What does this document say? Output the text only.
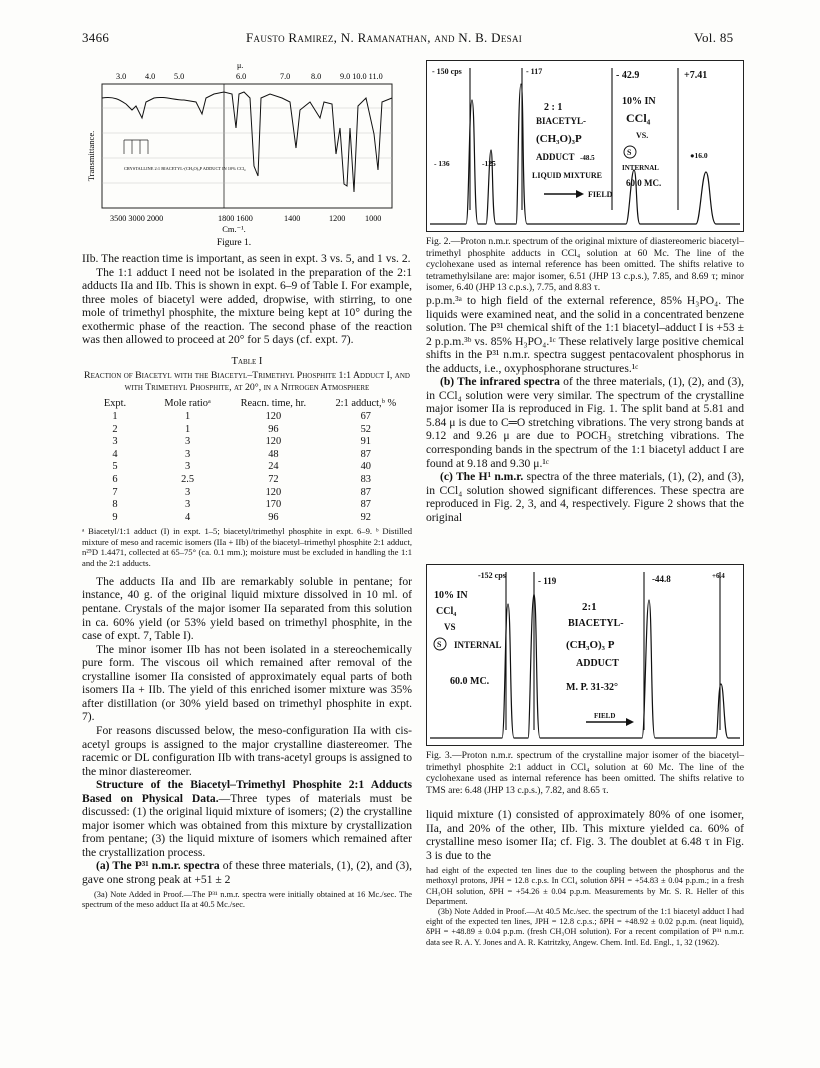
3466	Fausto Ramirez, N. Ramanathan, and N. B. Desai	Vol. 85
μ.
3.0 4.0 5.0	6.0	7.0	8.0 9.0 10.0 11.0
Transmittance.	CRYSTALLINE 2:1 BIACETYL-(CH₃O)₃P ADDUCT IN 10% CCl₄
3500 3000 2000	1800 1600	1400	1200 1000
Cm.⁻¹.
Figure 1.

IIb. The reaction time is important, as seen in expt. 3 vs. 5, and 1 vs. 2.

The 1:1 adduct I need not be isolated in the preparation of the 2:1 adducts IIa and IIb. This is shown in expt. 6–9 of Table I. For example, three moles of biacetyl were added, dropwise, with stirring, to one mole of trimethyl phosphite, the mixture being kept at 10° during the exothermic phase of the reaction. The second phase of the reaction was then allowed to proceed at 20° for 5 days (cf. expt. 7).

Table I
Reaction of Biacetyl with the Biacetyl–Trimethyl Phosphite 1:1 Adduct I, and with Trimethyl Phosphite, at 20°, in a Nitrogen Atmosphere
Expt.	Mole ratioᵃ	Reacn. time, hr.	2:1 adduct,ᵇ %
1	1	120	67
2	1	96	52
3	3	120	91
4	3	48	87
5	3	24	40
6	2.5	72	83
7	3	120	87
8	3	170	87
9	4	96	92
ᵃ Biacetyl/1:1 adduct (I) in expt. 1–5; biacetyl/trimethyl phosphite in expt. 6–9. ᵇ Distilled mixture of meso and racemic isomers (IIa + IIb) of the biacetyl–trimethyl phosphite 2:1 adduct, n²⁵D 1.4471, collected at 65–75° (ca. 0.1 mm.); moisture must be excluded in handling the 1:1 and the 2:1 adducts.

The adducts IIa and IIb are remarkably soluble in pentane; for instance, 40 g. of the original liquid mixture dissolved in 10 ml. of pentane. Crystals of the major isomer IIa separated from this solution in ca. 60% yield (or 53% yield based on trimethyl phosphite, in the case of expt. 7, Table I).

The minor isomer IIb has not been isolated in a stereochemically pure form. The viscous oil which remained after removal of the crystalline isomer IIa consisted of approximately equal parts of both isomers IIa + IIb. The yield of this enriched isomer mixture was 35% after distillation (or 30% yield based on trimethyl phosphite in expt. 7).

For reasons discussed below, the meso-configuration IIa with cis-acetyl groups is assigned to the major crystalline diastereomer. The racemic or DL configuration IIb with trans-acetyl groups is assigned to the minor diastereomer.

Structure of the Biacetyl–Trimethyl Phosphite 2:1 Adducts Based on Physical Data.—Three types of materials must be discussed: (1) the original liquid mixture of isomers; (2) the crystalline major isomer which was obtained from this mixture by crystallization from pentane; (3) the liquid mixture of isomers which remained after the crystallization process.

(a) The P³¹ n.m.r. spectra of these three materials, (1), (2), and (3), gave one strong peak at +51 ± 2

(3a) Note Added in Proof.—The P³¹ n.m.r. spectra were initially obtained at 16 Mc./sec. The spectrum of the meso adduct IIa at 40.5 Mc./sec.

- 150 cps	- 117	- 42.9	+7.41
10% IN
CCl₄
VS.
2 : 1
BIACETYL-
(CH₃O)₃P
ADDUCT -48.5
- 136	-125
S
INTERNAL
●16.0
LIQUID MIXTURE
60.0 MC.
FIELD
Fig. 2.—Proton n.m.r. spectrum of the original mixture of diastereomeric biacetyl–trimethyl phosphite adducts in CCl₄ solution at 60 Mc. The line of the cyclohexane used as internal reference has been omitted. The shifts relative to tetramethylsilane are: major isomer, 6.51 (JHP 13 c.p.s.), 7.85, and 8.69 τ; minor isomer, 6.40 (JHP 13 c.p.s.), 7.75, and 8.83 τ.

p.p.m.³ᵃ to high field of the external reference, 85% H₃PO₄. The liquids were examined neat, and the solid in a concentrated benzene solution. The P³¹ chemical shift of the 1:1 biacetyl–adduct I is +53 ± 2 p.p.m.³ᵇ vs. 85% H₃PO₄.¹ᶜ These relatively large positive chemical shifts in the P³¹ n.m.r. spectra suggest pentacovalent phosphorus in the adducts, i.e., oxyphosphorane structures.¹ᶜ

(b) The infrared spectra of the three materials, (1), (2), and (3), in CCl₄ solution were very similar. The spectrum of the crystalline major isomer IIa is reproduced in Fig. 1. The split band at 5.81 and 5.84 μ is due to C═O stretching vibrations. The very strong bands at 9.12 and 9.26 μ are due to POCH₃ stretching vibrations. The corresponding bands in the spectrum of the 1:1 biacetyl adduct I are found at 9.18 and 9.30 μ.¹ᶜ

(c) The H¹ n.m.r. spectra of the three materials, (1), (2), and (3), in CCl₄ solution showed significant differences. These spectra are reproduced in Fig. 2, 3, and 4, respectively. Figure 2 shows that the original

-152 cps
- 119	-44.8	+6.4
10% IN
CCl₄
VS
2:1
BIACETYL-
(CH₃O)₃ P
S INTERNAL
ADDUCT
60.0 MC.
M. P. 31-32°
FIELD
Fig. 3.—Proton n.m.r. spectrum of the crystalline major isomer of the biacetyl–trimethyl phosphite 2:1 adduct in CCl₄ solution at 60 Mc. The line of the cyclohexane used as internal reference has been omitted. The shifts relative to TMS are: 6.48 (JHP 13 c.p.s.), 7.82, and 8.65 τ.

liquid mixture (1) consisted of approximately 80% of one isomer, IIa, and 20% of the other, IIb. This mixture yielded ca. 60% of crystalline meso isomer IIa; cf. Fig. 3. The doublet at 6.48 τ in Fig. 3 is due to the

had eight of the expected ten lines due to the coupling between the phosphorus and the methoxyl protons, JPH = 12.8 c.p.s. In CCl₄ solution δPH = +54.83 ± 0.04 p.p.m.; in a fresh CH₃OH solution, δPH = +54.26 ± 0.04 p.p.m. Measurements by Mr. S. R. Heller of this Department.

(3b) Note Added in Proof.—At 40.5 Mc./sec. the spectrum of the 1:1 biacetyl adduct I had eight of the expected ten lines, JPH = 12.8 c.p.s.; δPH = +48.92 ± 0.02 p.p.m. (neat liquid), δPH = +48.89 ± 0.04 p.p.m. (fresh CH₃OH solution). For a recent compilation of P³¹ n.m.r. data see R. A. Y. Jones and A. R. Katritzky, Angew. Chem. Intl. Ed. Engl., 1, 32 (1962).
